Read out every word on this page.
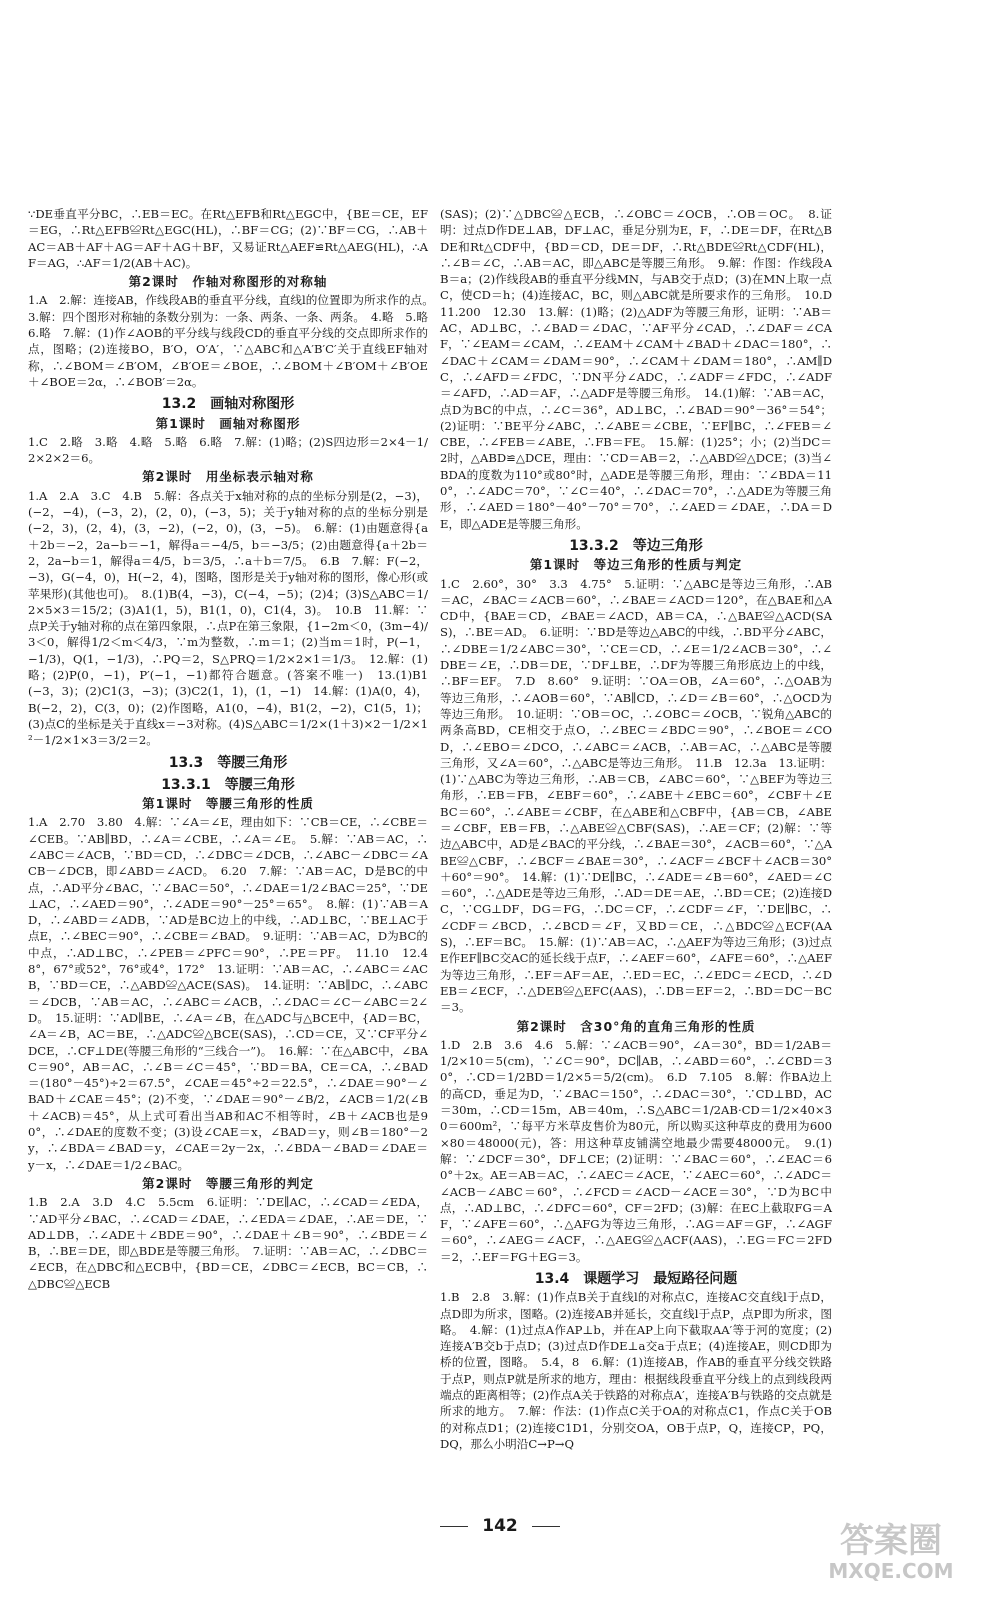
∵DE垂直平分BC，∴EB＝EC。在Rt△EFB和Rt△EGC中，{BE＝CE，EF＝EG，∴Rt△EFB≌Rt△EGC(HL)，∴BF＝CG；(2)∵BF＝CG，∴AB＋AC＝AB＋AF＋AG＝AF＋AG＋BF，又易证Rt△AEF≌Rt△AEG(HL)，∴AF＝AG，∴AF＝1/2(AB＋AC)。
第2课时　作轴对称图形的对称轴
1.A　2.解：连接AB，作线段AB的垂直平分线，直线l的位置即为所求作的点。　3.解：四个图形对称轴的条数分别为：一条、两条、一条、两条。　4.略　5.略　6.略　7.解：(1)作∠AOB的平分线与线段CD的垂直平分线的交点即所求作的点，图略；(2)连接BO，B′O，O′A′，∵△ABC和△A′B′C′关于直线EF轴对称，∴∠BOM＝∠B′OM，∠B′OE＝∠BOE，∴∠BOM＋∠B′OM＋∠B′OE＋∠BOE＝2α，∴∠BOB′＝2α。
13.2　画轴对称图形
第1课时　画轴对称图形
1.C　2.略　3.略　4.略　5.略　6.略　7.解：(1)略；(2)S四边形＝2×4－1/2×2×2＝6。
第2课时　用坐标表示轴对称
1.A　2.A　3.C　4.B　5.解：各点关于x轴对称的点的坐标分别是(2，−3)，(−2，−4)，(−3，2)，(2，0)，(−3，5)；关于y轴对称的点的坐标分别是(−2，3)，(2，4)，(3，−2)，(−2，0)，(3，−5)。　6.解：(1)由题意得{a＋2b＝−2，2a−b＝−1，解得a＝−4/5，b＝−3/5；(2)由题意得{a＋2b＝2，2a−b＝1，解得a＝4/5，b＝3/5，∴a＋b＝7/5。　6.B　7.解：F(−2，−3)，G(−4，0)，H(−2，4)，图略，图形是关于y轴对称的图形，像心形(或苹果形)(其他也可)。　8.(1)B(4，−3)，C(−4，−5)；(2)4；(3)S△ABC＝1/2×5×3＝15/2；(3)A1(1，5)，B1(1，0)，C1(4，3)。　10.B　11.解：∵点P关于y轴对称的点在第四象限，∴点P在第三象限，{1−2m＜0，(3m−4)/3＜0，解得1/2＜m＜4/3，∵m为整数，∴m＝1；(2)当m＝1时，P(−1，−1/3)，Q(1，−1/3)，∴PQ＝2，S△PRQ＝1/2×2×1＝1/3。　12.解：(1)略；(2)P(0，−1)，P′(−1，−1)都符合题意。(答案不唯一)　13.(1)B1(−3，3)；(2)C1(3，−3)；(3)C2(1，1)，(1，−1)　14.解：(1)A(0，4)，B(−2，2)，C(3，0)；(2)作图略，A1(0，−4)，B1(2，−2)，C1(5，1)；(3)点C的坐标是关于直线x＝−3对称。(4)S△ABC＝1/2×(1＋3)×2－1/2×1²－1/2×1×3＝3/2＝2。
13.3　等腰三角形
13.3.1　等腰三角形
第1课时　等腰三角形的性质
1.A　2.70　3.80　4.解：∵∠A＝∠E，理由如下：∵CB＝CE，∴∠CBE＝∠CEB。∵AB∥BD，∴∠A＝∠CBE，∴∠A＝∠E。　5.解：∵AB＝AC，∴∠ABC＝∠ACB，∵BD＝CD，∴∠DBC＝∠DCB，∴∠ABC－∠DBC＝∠ACB－∠DCB，即∠ABD＝∠ACD。　6.20　7.解：∵AB＝AC，D是BC的中点，∴AD平分∠BAC，∵∠BAC＝50°，∴∠DAE＝1/2∠BAC＝25°，∵DE⊥AC，∴∠AED＝90°，∴∠ADE＝90°－25°＝65°。　8.解：(1)∵AB＝AD，∴∠ABD＝∠ADB，∵AD是BC边上的中线，∴AD⊥BC，∵BE⊥AC于点E，∴∠BEC＝90°，∴∠CBE＝∠BAD。　9.证明：∵AB＝AC，D为BC的中点，∴AD⊥BC，∴∠PEB＝∠PFC＝90°，∴PE＝PF。　11.10　12.48°，67°或52°，76°或4°，172°　13.证明：∵AB＝AC，∴∠ABC＝∠ACB，∵BD＝CE，∴△ABD≌△ACE(SAS)。　14.证明：∵AB∥DC，∴∠ABC＝∠DCB，∵AB＝AC，∴∠ABC＝∠ACB，∴∠DAC＝∠C－∠ABC＝2∠D。　15.证明：∵AD∥BE，∴∠A＝∠B，在△ADC与△BCE中，{AD＝BC，∠A＝∠B，AC＝BE，∴△ADC≌△BCE(SAS)，∴CD＝CE，又∵CF平分∠DCE，∴CF⊥DE(等腰三角形的“三线合一”)。　16.解：∵在△ABC中，∠BAC＝90°，AB＝AC，∴∠B＝∠C＝45°，∵BD＝BA，CE＝CA，∴∠BAD＝(180°－45°)÷2＝67.5°，∠CAE＝45°÷2＝22.5°，∴∠DAE＝90°－∠BAD＋∠CAE＝45°；(2)不变，∵∠DAE＝90°－∠B/2，∠ACB＝1/2(∠B＋∠ACB)＝45°，从上式可看出当AB和AC不相等时，∠B＋∠ACB也是90°，∴∠DAE的度数不变；(3)设∠CAE＝x，∠BAD＝y，则∠B＝180°－2y，∴∠BDA＝∠BAD＝y，∠CAE＝2y－2x，∴∠BDA－∠BAD＝∠DAE＝y－x，∴∠DAE＝1/2∠BAC。
第2课时　等腰三角形的判定
1.B　2.A　3.D　4.C　5.5cm　6.证明：∵DE∥AC，∴∠CAD＝∠EDA，∵AD平分∠BAC，∴∠CAD＝∠DAE，∴∠EDA＝∠DAE，∴AE＝DE，∵AD⊥DB，∴∠ADE＋∠BDE＝90°，∴∠DAE＋∠B＝90°，∴∠BDE＝∠B，∴BE＝DE，即△BDE是等腰三角形。　7.证明：∵AB＝AC，∴∠DBC＝∠ECB，在△DBC和△ECB中，{BD＝CE，∠DBC＝∠ECB，BC＝CB，∴△DBC≌△ECB
(SAS)；(2)∵△DBC≌△ECB，∴∠OBC＝∠OCB，∴OB＝OC。　8.证明：过点D作DE⊥AB，DF⊥AC，垂足分别为E，F，∴DE＝DF，在Rt△BDE和Rt△CDF中，{BD＝CD，DE＝DF，∴Rt△BDE≌Rt△CDF(HL)，∴∠B＝∠C，∴AB＝AC，即△ABC是等腰三角形。　9.解：作图：作线段AB＝a；(2)作线段AB的垂直平分线MN，与AB交于点D；(3)在MN上取一点C，使CD＝h；(4)连接AC，BC，则△ABC就是所要求作的三角形。　10.D　11.200　12.30　13.解：(1)略；(2)△ADF为等腰三角形，证明：∵AB＝AC，AD⊥BC，∴∠BAD＝∠DAC，∵AF平分∠CAD，∴∠DAF＝∠CAF，∵∠EAM＝∠CAM，∴∠EAM＋∠CAM＋∠BAD＋∠DAC＝180°，∴∠DAC＋∠CAM＝∠DAM＝90°，∴∠CAM＋∠DAM＝180°，∴AM∥DC，∴∠AFD＝∠FDC，∵DN平分∠ADC，∴∠ADF＝∠FDC，∴∠ADF＝∠AFD，∴AD＝AF，∴△ADF是等腰三角形。　14.(1)解：∵AB＝AC，点D为BC的中点，∴∠C＝36°，AD⊥BC，∴∠BAD＝90°－36°＝54°；(2)证明：∵BE平分∠ABC，∴∠ABE＝∠CBE，∵EF∥BC，∴∠FEB＝∠CBE，∴∠FEB＝∠ABE，∴FB＝FE。　15.解：(1)25°；小；(2)当DC＝2时，△ABD≌△DCE，理由：∵CD＝AB＝2，∴△ABD≌△DCE；(3)当∠BDA的度数为110°或80°时，△ADE是等腰三角形，理由：∵∠BDA＝110°，∴∠ADC＝70°，∵∠C＝40°，∴∠DAC＝70°，∴△ADE为等腰三角形，∴∠AED＝180°－40°－70°＝70°，∴∠AED＝∠DAE，∴DA＝DE，即△ADE是等腰三角形。
13.3.2　等边三角形
第1课时　等边三角形的性质与判定
1.C　2.60°，30°　3.3　4.75°　5.证明：∵△ABC是等边三角形，∴AB＝AC，∠BAC＝∠ACB＝60°，∴∠BAE＝∠ACD＝120°，在△BAE和△ACD中，{BAE＝CD，∠BAE＝∠ACD，AB＝CA，∴△BAE≌△ACD(SAS)，∴BE＝AD。　6.证明：∵BD是等边△ABC的中线，∴BD平分∠ABC，∴∠DBE＝1/2∠ABC＝30°，∵CE＝CD，∴∠E＝1/2∠ACB＝30°，∴∠DBE＝∠E，∴DB＝DE，∵DF⊥BE，∴DF为等腰三角形底边上的中线，∴BF＝EF。　7.D　8.60°　9.证明：∵OA＝OB，∠A＝60°，∴△OAB为等边三角形，∴∠AOB＝60°，∵AB∥CD，∴∠D＝∠B＝60°，∴△OCD为等边三角形。　10.证明：∵OB＝OC，∴∠OBC＝∠OCB，∵锐角△ABC的两条高BD，CE相交于点O，∴∠BEC＝∠BDC＝90°，∴∠BOE＝∠COD，∴∠EBO＝∠DCO，∴∠ABC＝∠ACB，∴AB＝AC，∴△ABC是等腰三角形，又∠A＝60°，∴△ABC是等边三角形。　11.B　12.3a　13.证明：(1)∵△ABC为等边三角形，∴AB＝CB，∠ABC＝60°，∵△BEF为等边三角形，∴EB＝FB，∠EBF＝60°，∴∠ABE＋∠EBC＝60°，∠CBF＋∠EBC＝60°，∴∠ABE＝∠CBF，在△ABE和△CBF中，{AB＝CB，∠ABE＝∠CBF，EB＝FB，∴△ABE≌△CBF(SAS)，∴AE＝CF；(2)解：∵等边△ABC中，AD是∠BAC的平分线，∴∠BAE＝30°，∠ACB＝60°，∵△ABE≌△CBF，∴∠BCF＝∠BAE＝30°，∴∠ACF＝∠BCF＋∠ACB＝30°＋60°＝90°。　14.解：(1)∵DE∥BC，∴∠ADE＝∠B＝60°，∠AED＝∠C＝60°，∴△ADE是等边三角形，∴AD＝DE＝AE，∴BD＝CE；(2)连接DC，∵CG⊥DF，DG＝FG，∴DC＝CF，∴∠CDF＝∠F，∵DE∥BC，∴∠CDF＝∠BCD，∴∠BCD＝∠F，又BD＝CE，∴△BDC≌△ECF(AAS)，∴EF＝BC。　15.解：(1)∵AB＝AC，∴△AEF为等边三角形；(3)过点E作EF∥BC交AC的延长线于点F，∴∠AEF＝60°，∠AFE＝60°，∴△AEF为等边三角形，∴EF＝AF＝AE，∴ED＝EC，∴∠EDC＝∠ECD，∴∠DEB＝∠ECF，∴△DEB≌△EFC(AAS)，∴DB＝EF＝2，∴BD＝DC－BC＝3。
第2课时　含30°角的直角三角形的性质
1.D　2.B　3.6　4.6　5.解：∵∠ACB＝90°，∠A＝30°，BD＝1/2AB＝1/2×10＝5(cm)，∵∠C＝90°，DC∥AB，∴∠ABD＝60°，∴∠CBD＝30°，∴CD＝1/2BD＝1/2×5＝5/2(cm)。　6.D　7.105　8.解：作BA边上的高CD，垂足为D，∵∠BAC＝150°，∴∠DAC＝30°，∵CD⊥BD，AC＝30m，∴CD＝15m，AB＝40m，∴S△ABC＝1/2AB·CD＝1/2×40×30＝600m²，∵每平方米草皮售价为80元，所以购买这种草皮的费用为600×80＝48000(元)，答：用这种草皮铺满空地最少需要48000元。　9.(1)解：∵∠DCF＝30°，DF⊥CE；(2)证明：∵∠BAC＝60°，∴∠EAC＝60°＋2x。AE＝AB＝AC，∴∠AEC＝∠ACE，∵∠AEC＝60°，∴∠ADC＝∠ACB－∠ABC＝60°，∴∠FCD＝∠ACD－∠ACE＝30°，∵D为BC中点，∴AD⊥BC，∴∠DFC＝60°，CF＝2FD；(3)解：在EC上截取FG＝AF，∵∠AFE＝60°，∴△AFG为等边三角形，∴AG＝AF＝GF，∴∠AGF＝60°，∴∠AEG＝∠ACF，∴△AEG≌△ACF(AAS)，∴EG＝FC＝2FD＝2，∴EF＝FG＋EG＝3。
13.4　课题学习　最短路径问题
1.B　2.8　3.解：(1)作点B关于直线l的对称点C，连接AC交直线l于点D，点D即为所求，图略。(2)连接AB并延长，交直线l于点P，点P即为所求，图略。　4.解：(1)过点A作AP⊥b，并在AP上向下截取AA′等于河的宽度；(2)连接A′B交b于点D；(3)过点D作DE⊥a交a于点E；(4)连接AE，则CD即为桥的位置，图略。　5.4，8　6.解：(1)连接AB，作AB的垂直平分线交铁路于点P，则点P就是所求的地方，理由：根据线段垂直平分线上的点到线段两端点的距离相等；(2)作点A关于铁路的对称点A′，连接A′B与铁路的交点就是所求的地方。　7.解：作法：(1)作点C关于OA的对称点C1，作点C关于OB的对称点D1；(2)连接C1D1，分别交OA，OB于点P，Q，连接CP，PQ，DQ，那么小明沿C→P→Q
142	答案圈
MXQE.COM
